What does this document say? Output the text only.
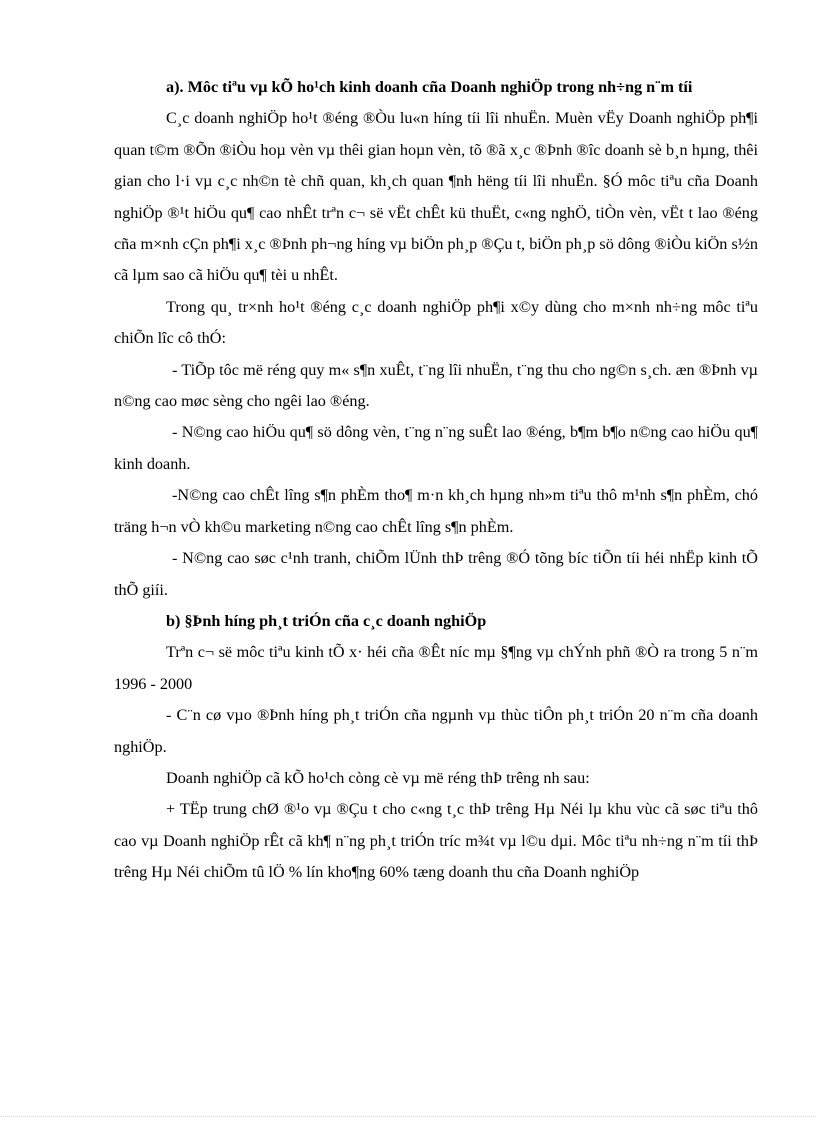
a). Môc tiªu vµ kÕ ho¹ch kinh doanh cña Doanh nghiÖp trong nh÷ng n¨m tíi

C¸c doanh nghiÖp ho¹t ®éng ®Òu lu«n híng tíi lîi nhuËn. Muèn vËy Doanh nghiÖp ph¶i quan t©m ®Õn ®iÒu hoµ vèn vµ thêi gian hoµn vèn, tõ ®ã x¸c ®Þnh ®îc doanh sè b¸n hµng, thêi gian cho l·i vµ c¸c nh©n tè chñ quan, kh¸ch quan ¶nh hëng tíi lîi nhuËn. §Ó môc tiªu cña Doanh nghiÖp ®¹t hiÖu qu¶ cao nhÊt trªn c¬ së vËt chÊt kü thuËt, c«ng nghÖ, tiÒn vèn, vËt t lao ®éng cña m×nh cÇn ph¶i x¸c ®Þnh ph¬ng híng vµ biÖn ph¸p ®Çu t, biÖn ph¸p sö dông ®iÒu kiÖn s½n cã lµm sao cã hiÖu qu¶ tèi u nhÊt.

Trong qu¸ tr×nh ho¹t ®éng c¸c doanh nghiÖp ph¶i x©y dùng cho m×nh nh÷ng môc tiªu chiÕn lîc cô thÓ:

- TiÕp tôc më réng quy m« s¶n xuÊt, t¨ng lîi nhuËn, t¨ng thu cho ng©n s¸ch. æn ®Þnh vµ n©ng cao møc sèng cho ngêi lao ®éng.

- N©ng cao hiÖu qu¶ sö dông vèn, t¨ng n¨ng suÊt lao ®éng, b¶m b¶o n©ng cao hiÖu qu¶ kinh doanh.

-N©ng cao chÊt lîng s¶n phÈm tho¶ m·n kh¸ch hµng nh»m tiªu thô m¹nh s¶n phÈm, chó träng h¬n vÒ kh©u marketing n©ng cao chÊt lîng s¶n phÈm.

- N©ng cao søc c¹nh tranh, chiÕm lÜnh thÞ trêng ®Ó tõng bíc tiÕn tíi héi nhËp kinh tÕ thÕ giíi.

b) §Þnh híng ph¸t triÓn cña c¸c doanh nghiÖp

Trªn c¬ së môc tiªu kinh tÕ x· héi cña ®Êt níc mµ §¶ng vµ chÝnh phñ ®Ò ra trong 5 n¨m 1996 - 2000

- C¨n cø vµo ®Þnh híng ph¸t triÓn cña ngµnh vµ thùc tiÔn ph¸t triÓn 20 n¨m cña doanh nghiÖp.

Doanh nghiÖp cã kÕ ho¹ch còng cè vµ më réng thÞ trêng nh sau:

+ TËp trung chØ ®¹o vµ ®Çu t cho c«ng t¸c thÞ trêng Hµ Néi lµ khu vùc cã søc tiªu thô cao vµ Doanh nghiÖp rÊt cã kh¶ n¨ng ph¸t triÓn tríc m¾t vµ l©u dµi. Môc tiªu nh÷ng n¨m tíi thÞ trêng Hµ Néi chiÕm tû lÖ % lín kho¶ng 60% tæng doanh thu cña Doanh nghiÖp
